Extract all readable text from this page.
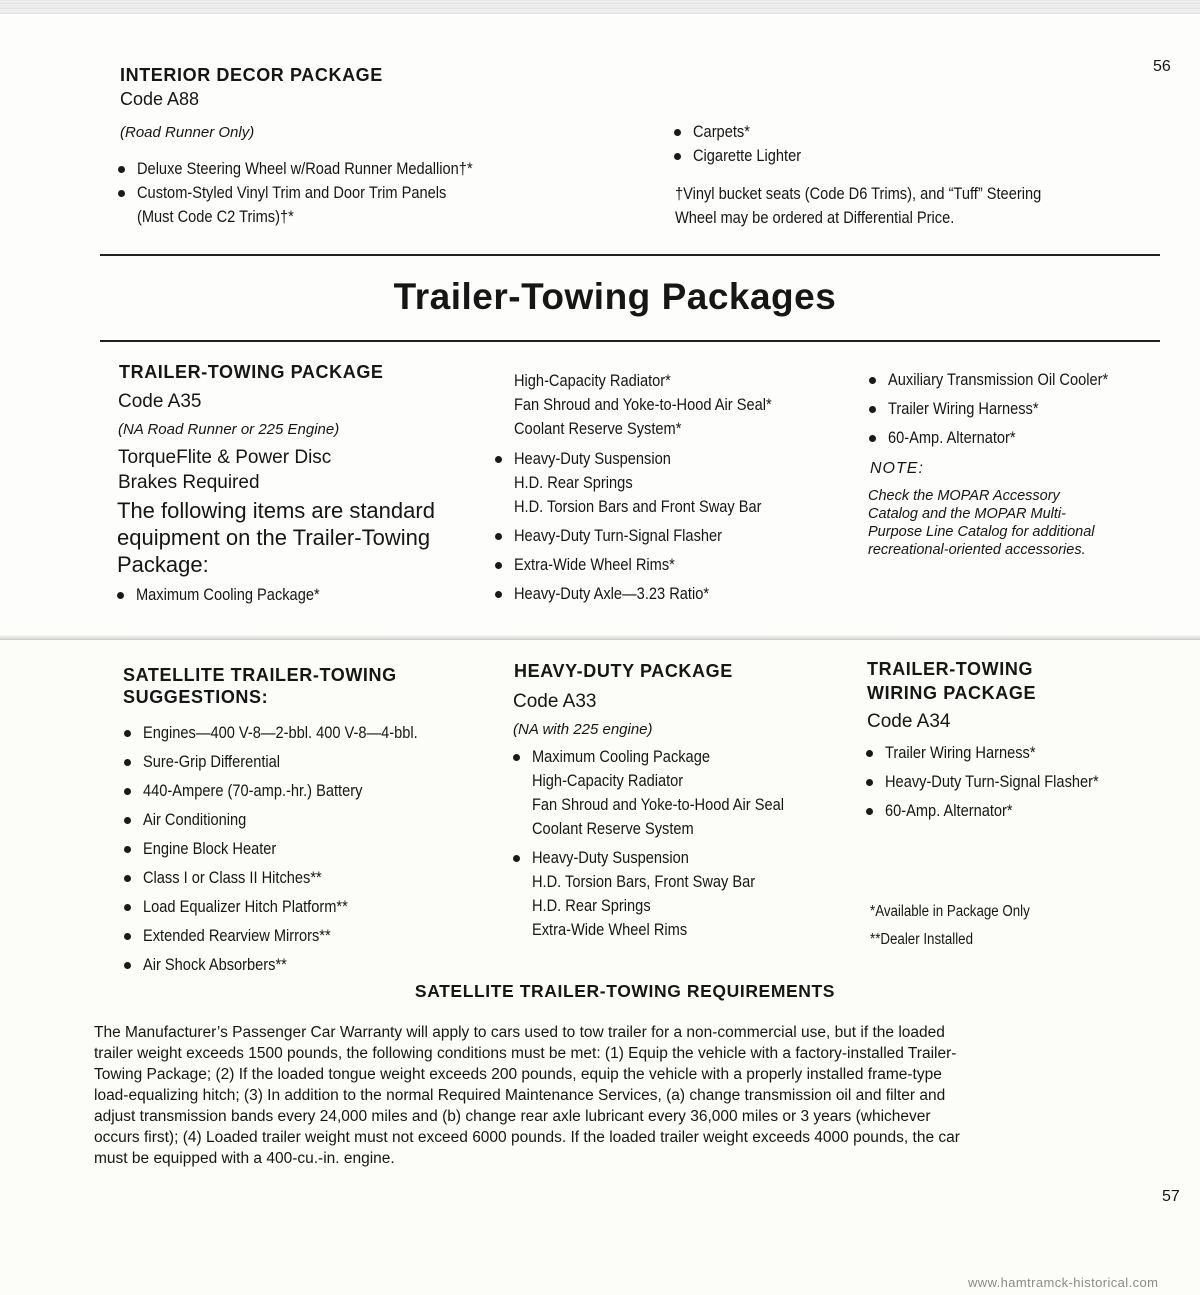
56
INTERIOR DECOR PACKAGE
Code A88
(Road Runner Only)
Deluxe Steering Wheel w/Road Runner Medallion†*
Custom-Styled Vinyl Trim and Door Trim Panels
(Must Code C2 Trims)†*
Carpets*
Cigarette Lighter
†Vinyl bucket seats (Code D6 Trims), and “Tuff” Steering
Wheel may be ordered at Differential Price.
Trailer-Towing Packages
TRAILER-TOWING PACKAGE
Code A35
(NA Road Runner or 225 Engine)
TorqueFlite & Power Disc
Brakes Required
The following items are standard
equipment on the Trailer-Towing
Package:
Maximum Cooling Package*
High-Capacity Radiator*
Fan Shroud and Yoke-to-Hood Air Seal*
Coolant Reserve System*
Heavy-Duty Suspension
H.D. Rear Springs
H.D. Torsion Bars and Front Sway Bar
Heavy-Duty Turn-Signal Flasher
Extra-Wide Wheel Rims*
Heavy-Duty Axle—3.23 Ratio*
Auxiliary Transmission Oil Cooler*
Trailer Wiring Harness*
60-Amp. Alternator*
NOTE:
Check the MOPAR Accessory
Catalog and the MOPAR Multi-
Purpose Line Catalog for additional
recreational-oriented accessories.
SATELLITE TRAILER-TOWING
SUGGESTIONS:
Engines—400 V-8—2-bbl. 400 V-8—4-bbl.
Sure-Grip Differential
440-Ampere (70-amp.-hr.) Battery
Air Conditioning
Engine Block Heater
Class I or Class II Hitches**
Load Equalizer Hitch Platform**
Extended Rearview Mirrors**
Air Shock Absorbers**
HEAVY-DUTY PACKAGE
Code A33
(NA with 225 engine)
Maximum Cooling Package
High-Capacity Radiator
Fan Shroud and Yoke-to-Hood Air Seal
Coolant Reserve System
Heavy-Duty Suspension
H.D. Torsion Bars, Front Sway Bar
H.D. Rear Springs
Extra-Wide Wheel Rims
TRAILER-TOWING
WIRING PACKAGE
Code A34
Trailer Wiring Harness*
Heavy-Duty Turn-Signal Flasher*
60-Amp. Alternator*
*Available in Package Only
**Dealer Installed
SATELLITE TRAILER-TOWING REQUIREMENTS
The Manufacturer’s Passenger Car Warranty will apply to cars used to tow trailer for a non-commercial use, but if the loaded
trailer weight exceeds 1500 pounds, the following conditions must be met: (1) Equip the vehicle with a factory-installed Trailer-
Towing Package; (2) If the loaded tongue weight exceeds 200 pounds, equip the vehicle with a properly installed frame-type
load-equalizing hitch; (3) In addition to the normal Required Maintenance Services, (a) change transmission oil and filter and
adjust transmission bands every 24,000 miles and (b) change rear axle lubricant every 36,000 miles or 3 years (whichever
occurs first); (4) Loaded trailer weight must not exceed 6000 pounds. If the loaded trailer weight exceeds 4000 pounds, the car
must be equipped with a 400-cu.-in. engine.
57
www.hamtramck-historical.com
